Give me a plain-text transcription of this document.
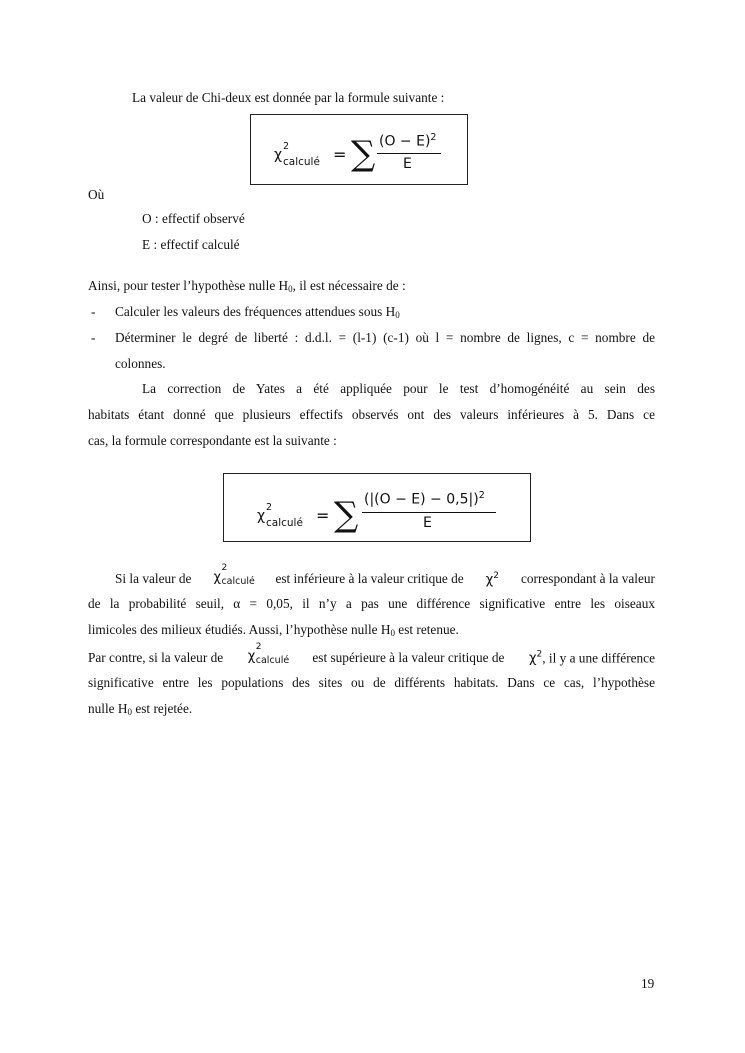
La valeur de Chi-deux est donnée par la formule suivante :
χ
2
calculé = ∑ $(O - E)^2$
E
Où
O : effectif observé
E : effectif calculé
Ainsi, pour tester l’hypothèse nulle $H_0$, il est nécessaire de :
- Calculer les valeurs des fréquences attendues sous $H_0$
- Déterminer le degré de liberté : d.d.l. = (l-1) (c-1) où l = nombre de lignes, c = nombre de
colonnes.
La correction de Yates a été appliquée pour le test d’homogénéité au sein des
habitats étant donné que plusieurs effectifs observés ont des valeurs inférieures à 5. Dans ce
cas, la formule correspondante est la suivante :
χ
2
calculé = ∑ $(|(O - E) - 0,5|)^2$
E
Si la valeur de χ
2
calculé est inférieure à la valeur critique de $\chi^2$ correspondant à la valeur
de la probabilité seuil, α = 0,05, il n’y a pas une différence significative entre les oiseaux
limicoles des milieux étudiés. Aussi, l’hypothèse nulle $H_0$ est retenue.
Par contre, si la valeur de χ
2
calculé est supérieure à la valeur critique de $\chi^2$, il y a une différence
significative entre les populations des sites ou de différents habitats. Dans ce cas, l’hypothèse
nulle $H_0$ est rejetée.
19
